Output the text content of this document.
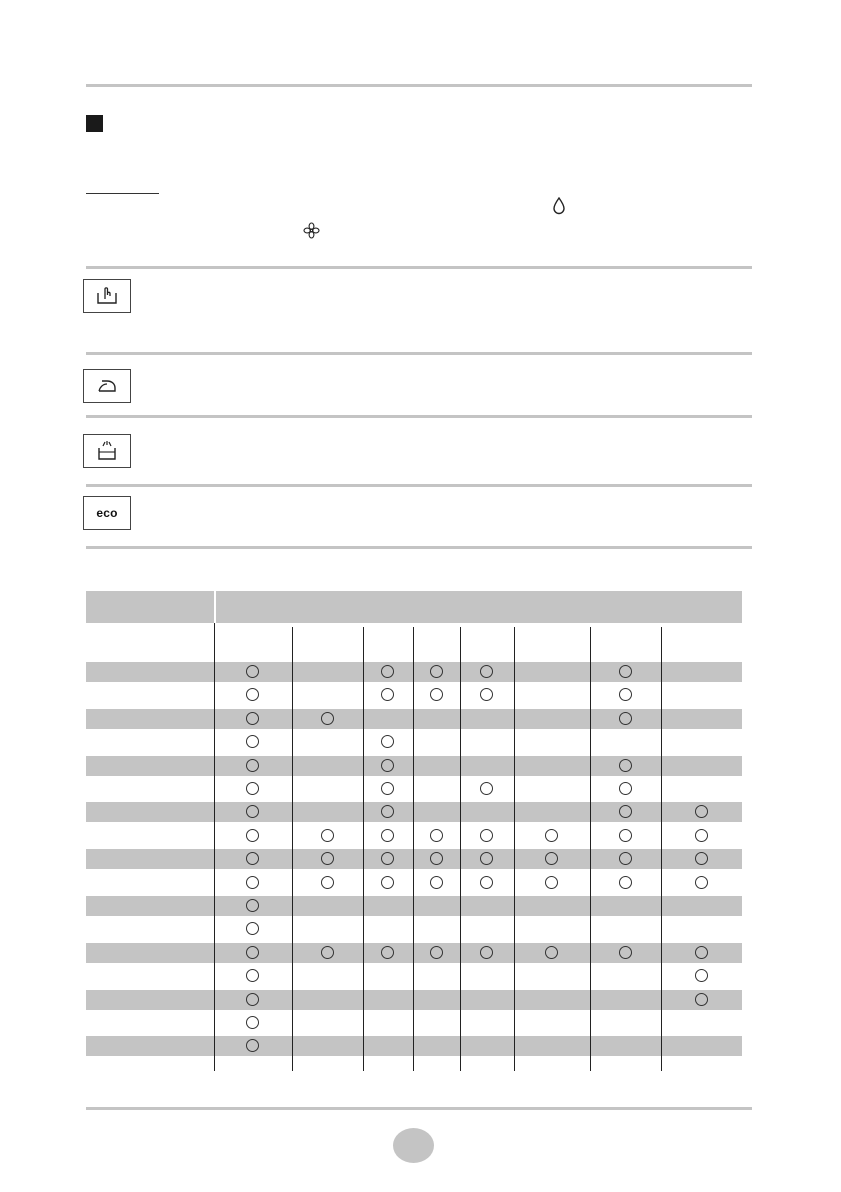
eco
